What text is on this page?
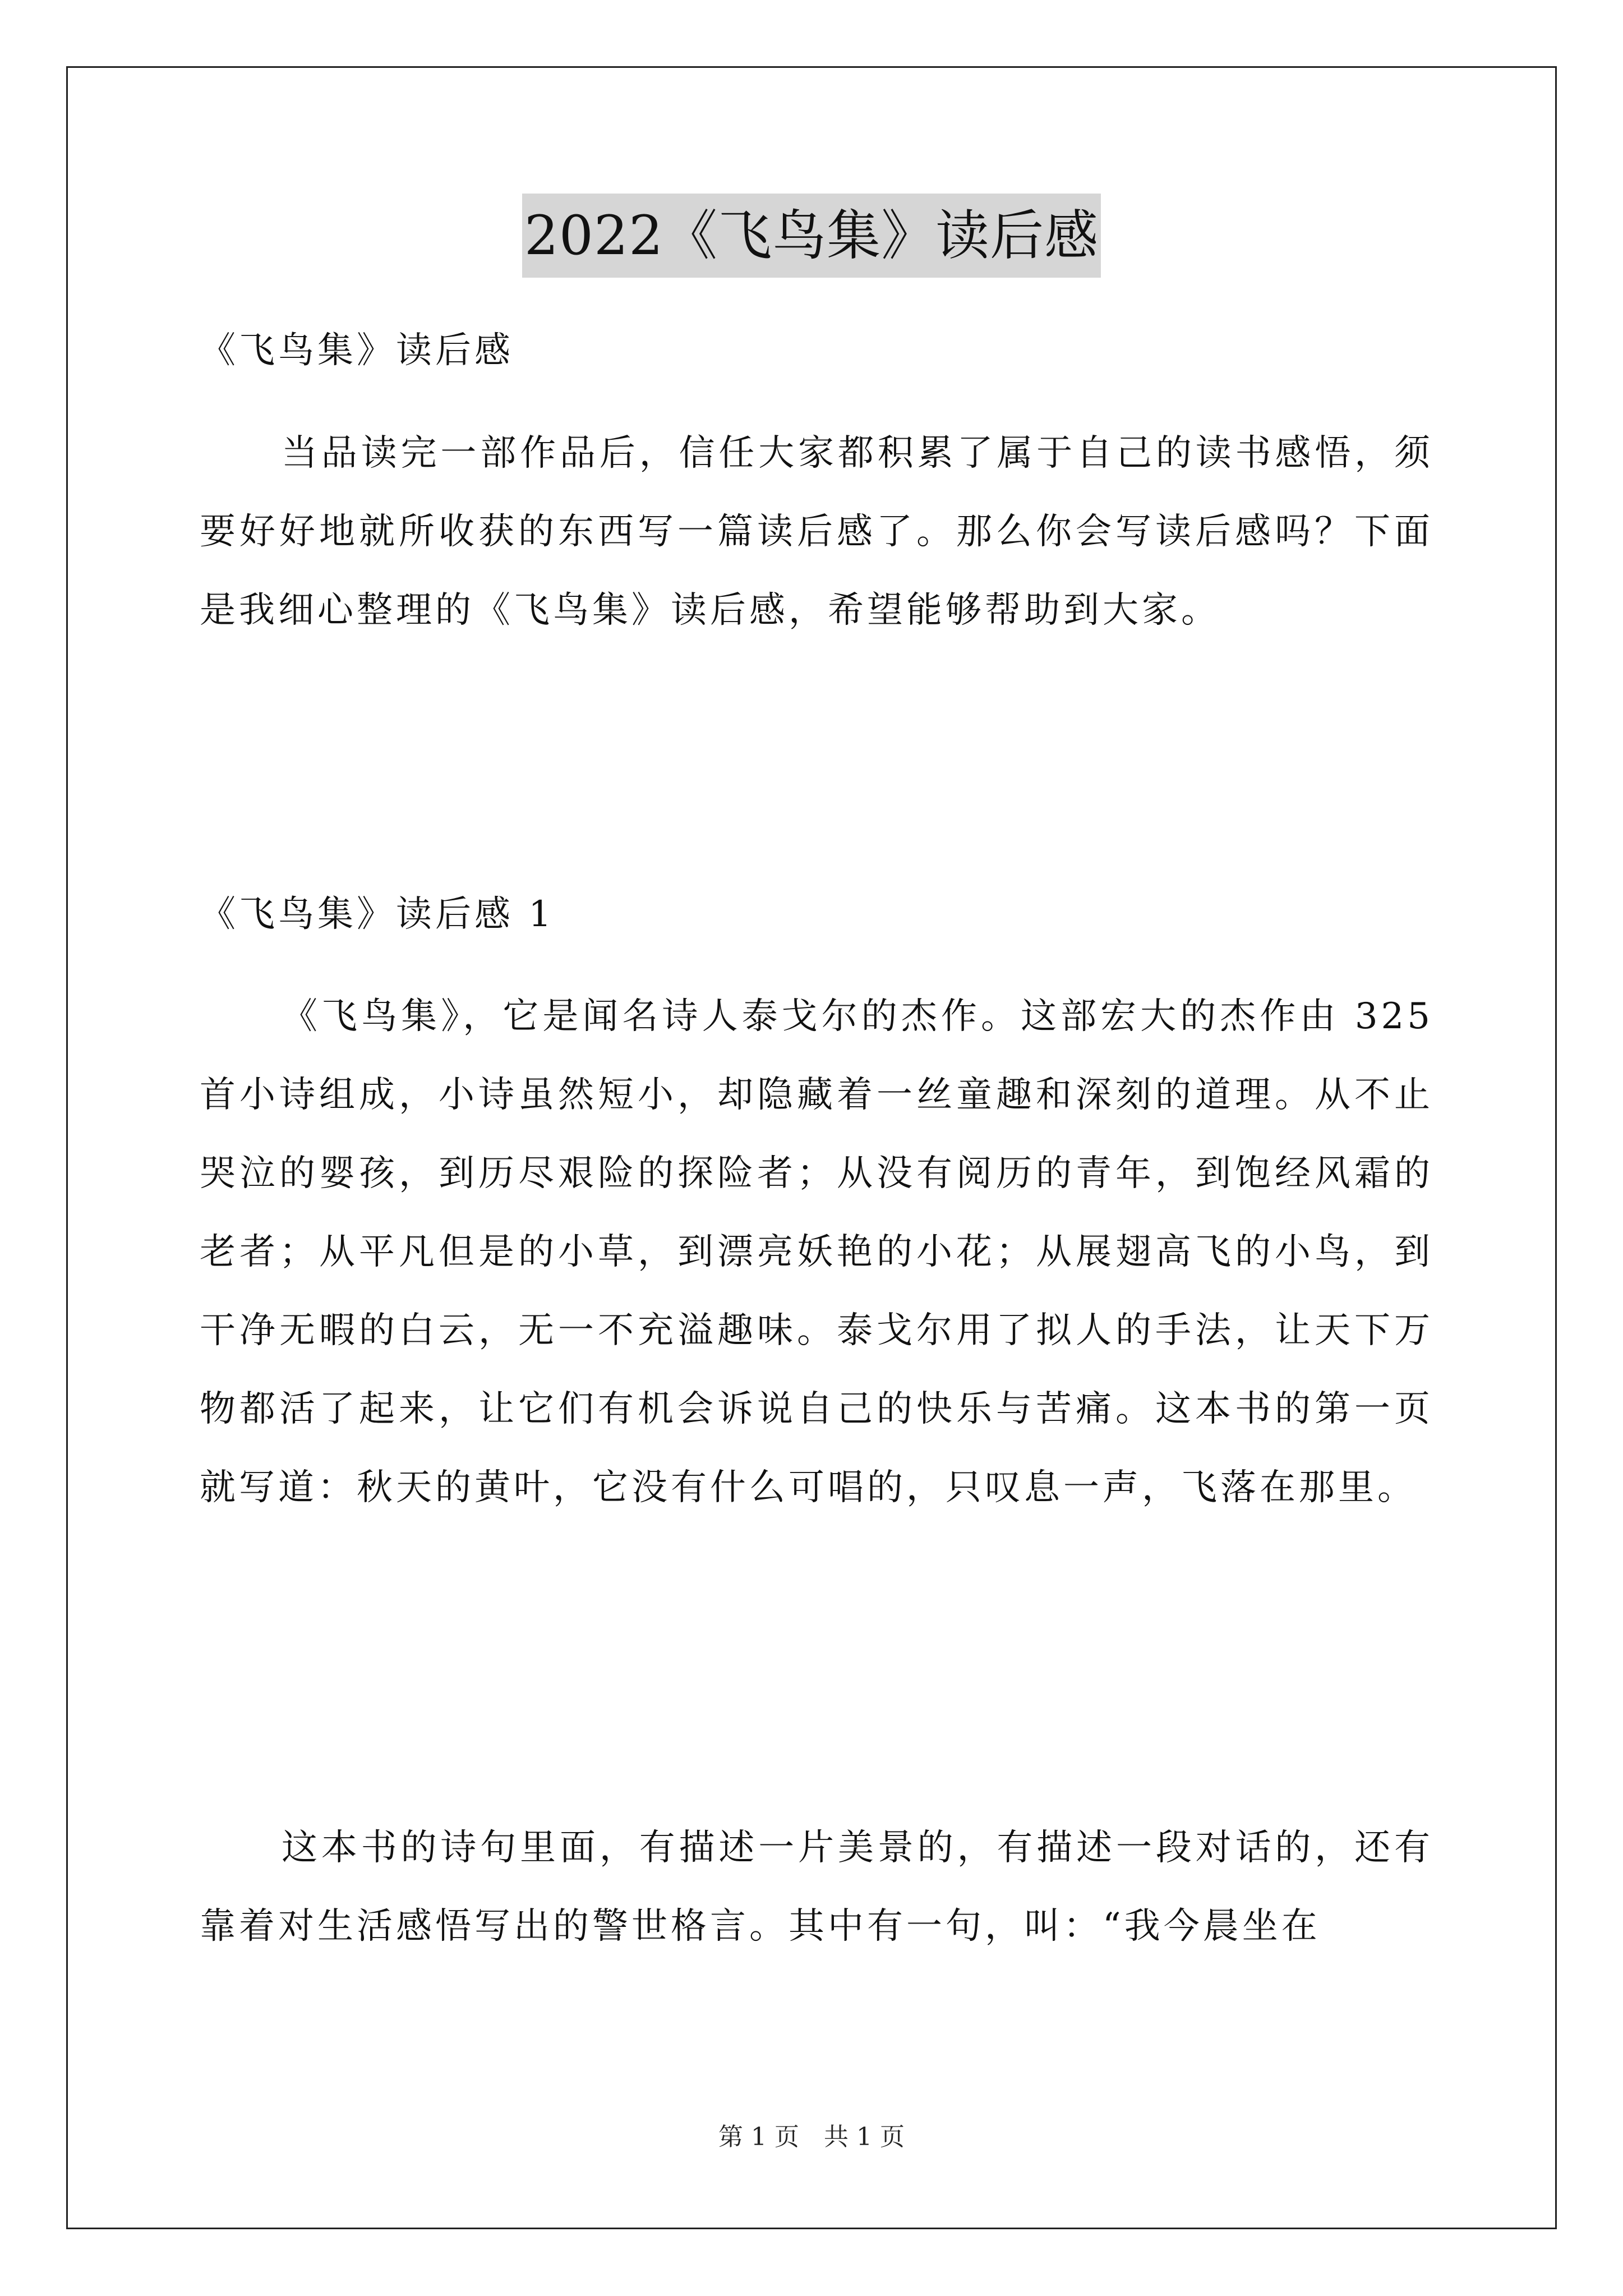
2022《飞鸟集》读后感
《飞鸟集》读后感
当品读完一部作品后，信任大家都积累了属于自己的读书感悟，须要好好地就所收获的东西写一篇读后感了。那么你会写读后感吗？下面是我细心整理的《飞鸟集》读后感，希望能够帮助到大家。
《飞鸟集》读后感 1
《飞鸟集》，它是闻名诗人泰戈尔的杰作。这部宏大的杰作由 325 首小诗组成，小诗虽然短小，却隐藏着一丝童趣和深刻的道理。从不止哭泣的婴孩，到历尽艰险的探险者；从没有阅历的青年，到饱经风霜的老者；从平凡但是的小草，到漂亮妖艳的小花；从展翅高飞的小鸟，到干净无暇的白云，无一不充溢趣味。泰戈尔用了拟人的手法，让天下万物都活了起来，让它们有机会诉说自己的快乐与苦痛。这本书的第一页就写道：秋天的黄叶，它没有什么可唱的，只叹息一声，飞落在那里。
这本书的诗句里面，有描述一片美景的，有描述一段对话的，还有靠着对生活感悟写出的警世格言。其中有一句，叫：“我今晨坐在
第 1 页　共 1 页
